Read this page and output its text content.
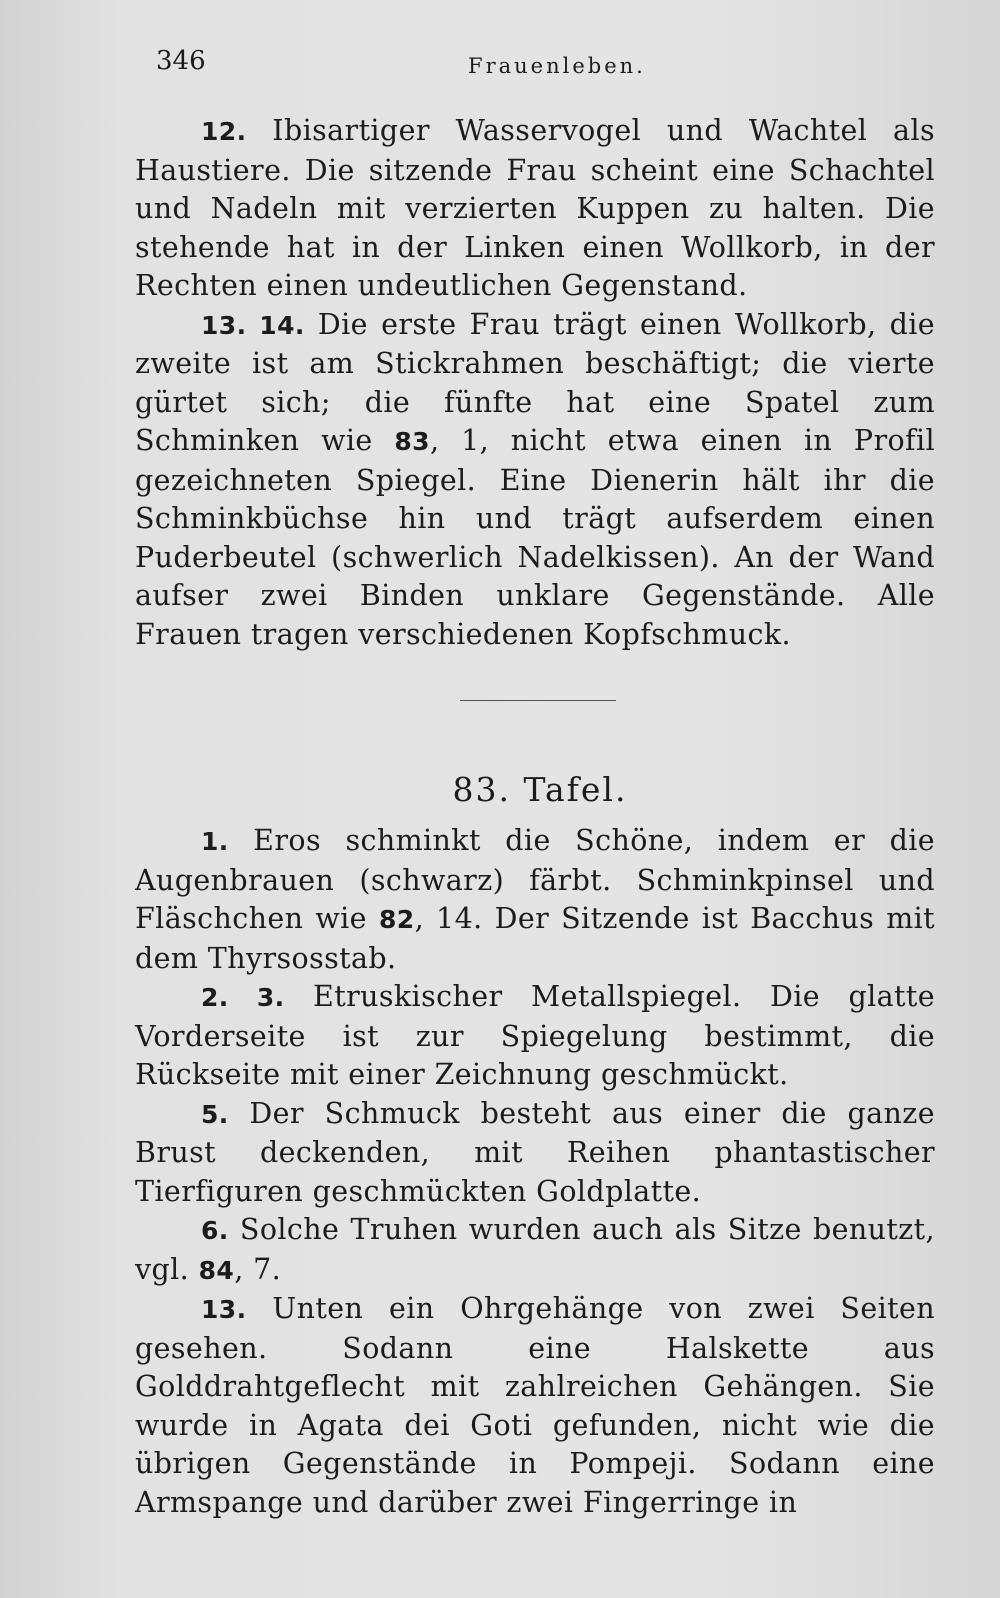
346	Frauenleben.

12. Ibisartiger Wasservogel und Wachtel als Haustiere. Die sitzende Frau scheint eine Schachtel und Nadeln mit verzierten Kuppen zu halten. Die stehende hat in der Linken einen Wollkorb, in der Rechten einen undeutlichen Gegenstand.

13. 14. Die erste Frau trägt einen Wollkorb, die zweite ist am Stickrahmen beschäftigt; die vierte gürtet sich; die fünfte hat eine Spatel zum Schminken wie 83, 1, nicht etwa einen in Profil gezeichneten Spiegel. Eine Dienerin hält ihr die Schminkbüchse hin und trägt aufserdem einen Puderbeutel (schwerlich Nadelkissen). An der Wand aufser zwei Binden unklare Gegenstände. Alle Frauen tragen verschiedenen Kopfschmuck.

83. Tafel.

1. Eros schminkt die Schöne, indem er die Augenbrauen (schwarz) färbt. Schminkpinsel und Fläschchen wie 82, 14. Der Sitzende ist Bacchus mit dem Thyrsosstab.

2. 3. Etruskischer Metallspiegel. Die glatte Vorderseite ist zur Spiegelung bestimmt, die Rückseite mit einer Zeichnung geschmückt.

5. Der Schmuck besteht aus einer die ganze Brust deckenden, mit Reihen phantastischer Tierfiguren geschmückten Goldplatte.

6. Solche Truhen wurden auch als Sitze benutzt, vgl. 84, 7.

13. Unten ein Ohrgehänge von zwei Seiten gesehen. Sodann eine Halskette aus Golddrahtgeflecht mit zahlreichen Gehängen. Sie wurde in Agata dei Goti gefunden, nicht wie die übrigen Gegenstände in Pompeji. Sodann eine Armspange und darüber zwei Fingerringe in
